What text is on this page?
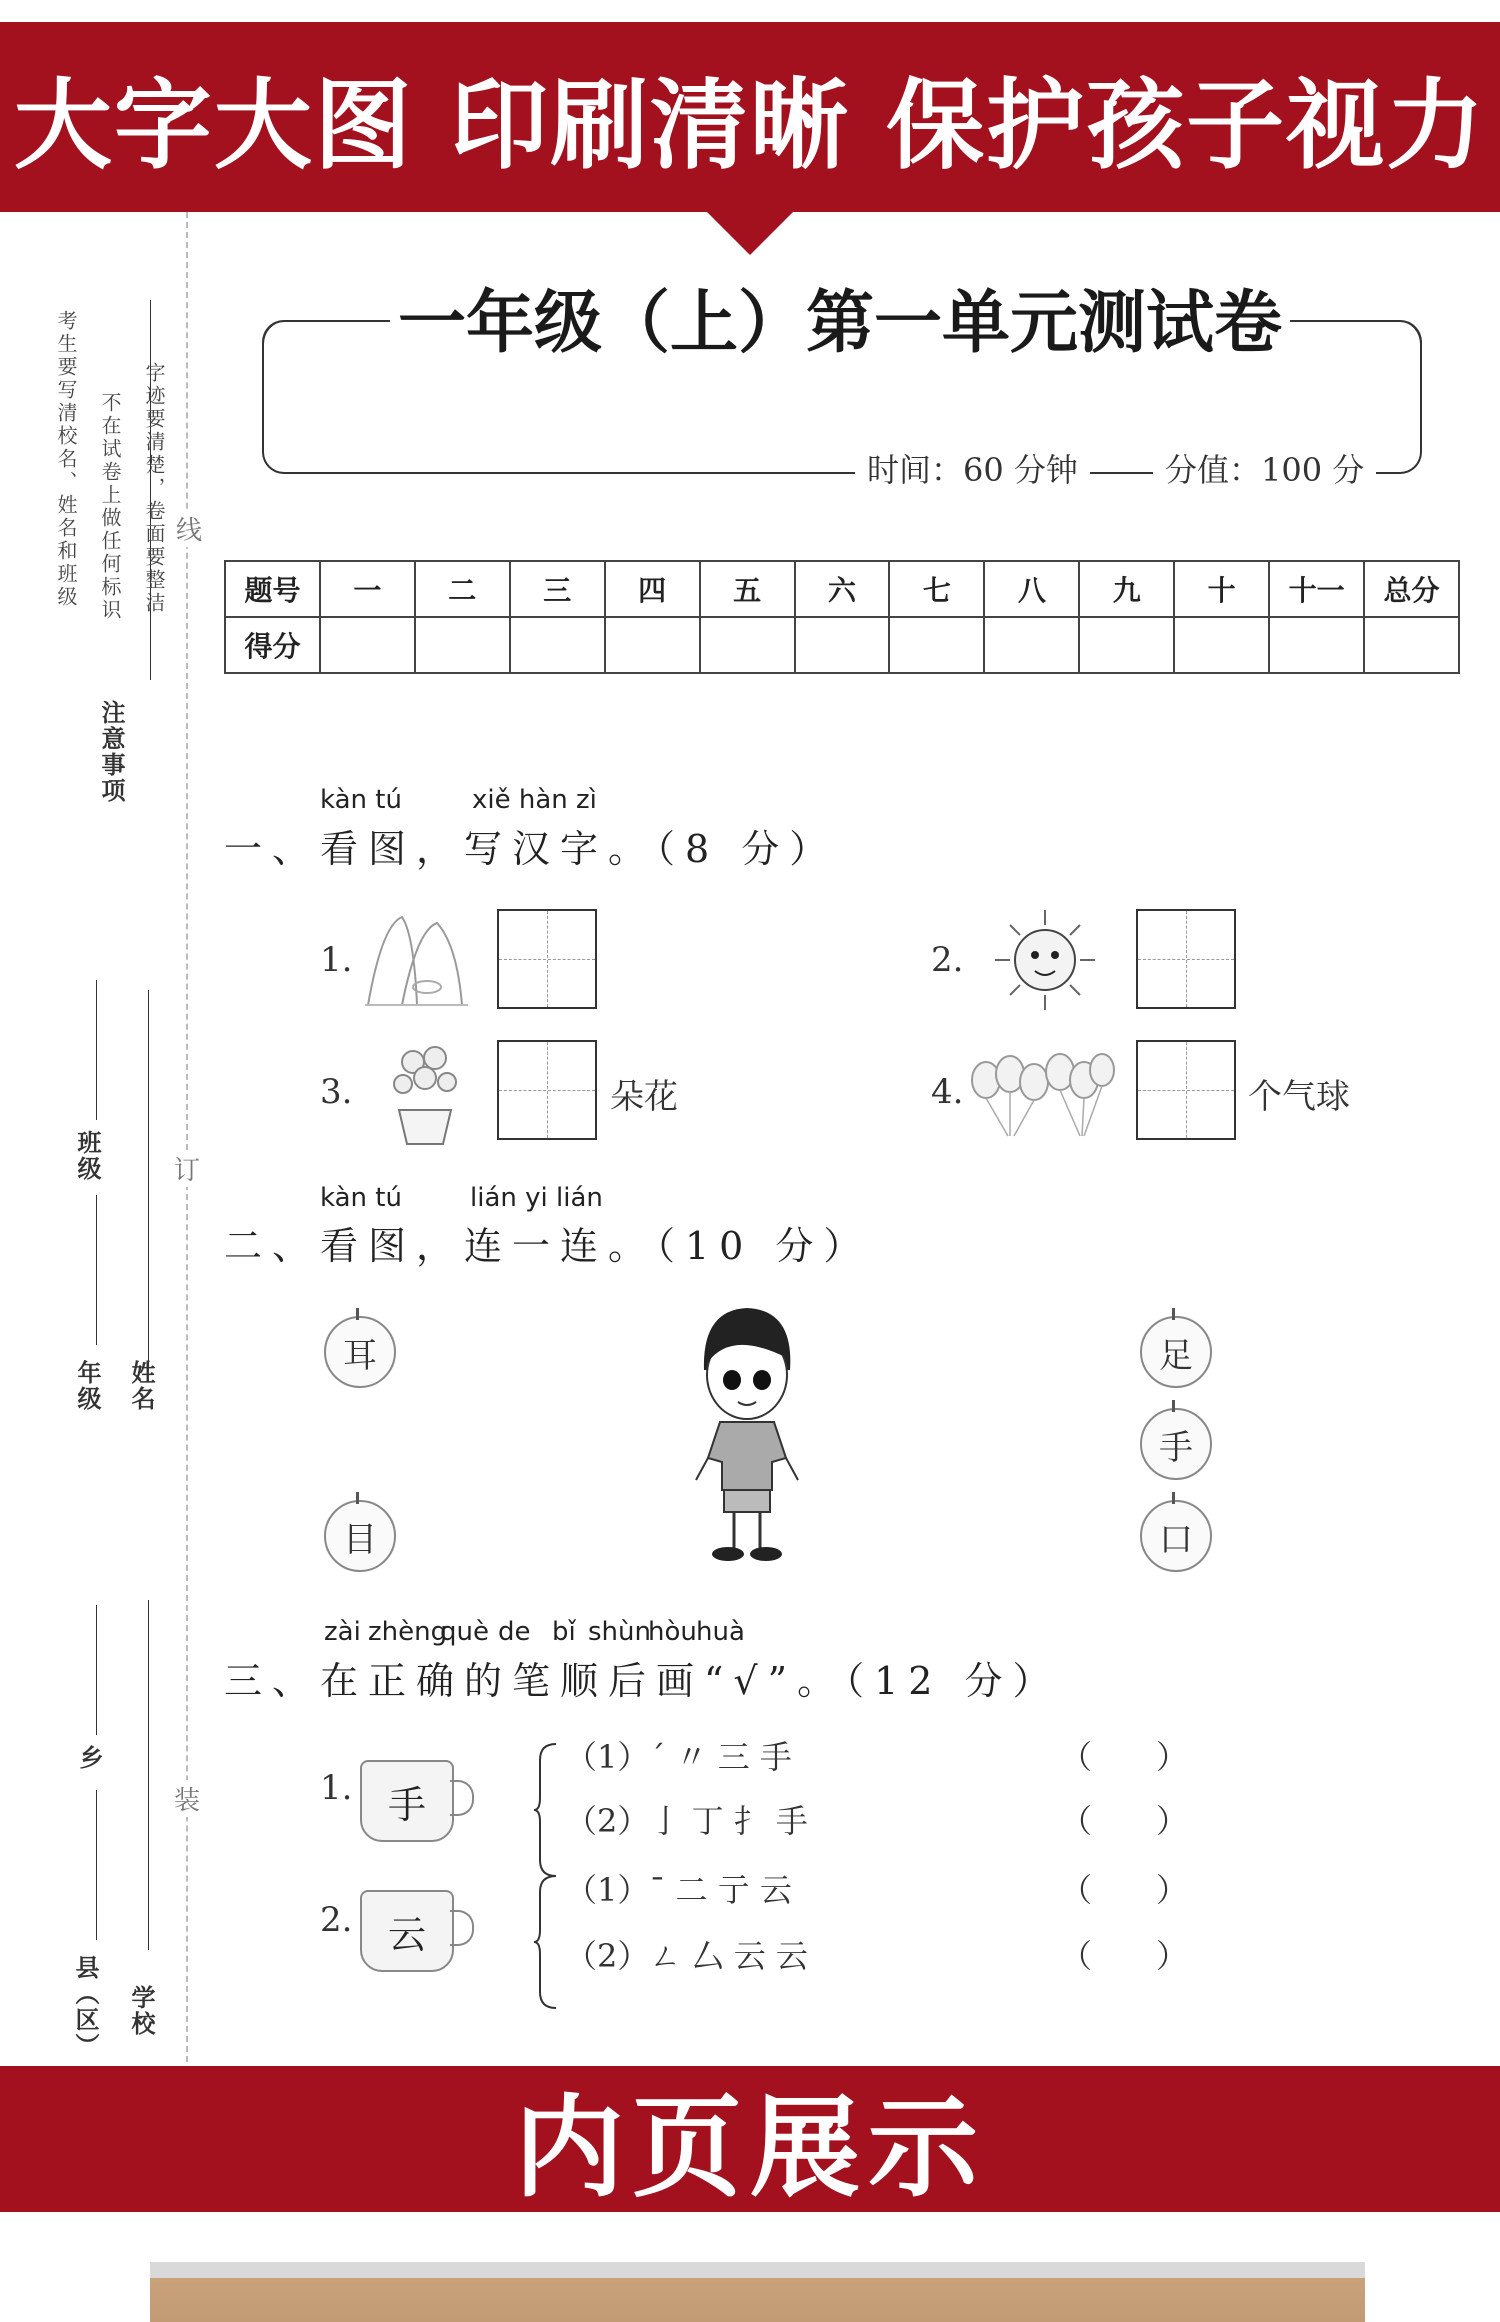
大字大图 印刷清晰 保护孩子视力
考生要写清校名、姓名和班级 不在试卷上做任何标识 字迹要清楚，卷面要整洁
注意事项
班级
年级 姓名
乡
县（区） 学校
线
订
装
一年级（上）第一单元测试卷
时间：60 分钟	分值：100 分
题号	一	二	三	四	五	六	七	八	九	十	十一	总分
得分												
kàn tú	xiě hàn zì
一、看图，写汉字。（8 分）
1.	2.
3.	朵花	4.	个气球
kàn tú	lián yi lián
二、看图，连一连。（10 分）
耳
目
足
手
口
zài zhèng
què de bǐ shùn
hòu huà
三、在正确的笔顺后画“√”。（12 分）
1. 手
（1）ˊ 〃 三 手	（　　）
（2）亅 丁 扌 手	（　　）
2. 云
（1）ˉ 二 亍 云	（　　）
（2）ㄥ 厶 云 云	（　　）
内页展示
